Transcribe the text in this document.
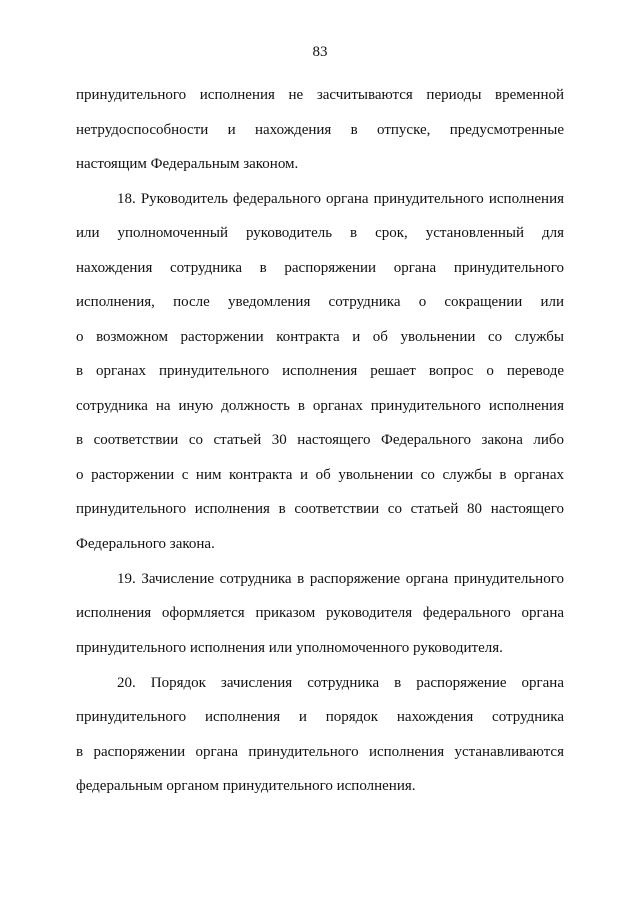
83
принудительного исполнения не засчитываются периоды временной
нетрудоспособности и нахождения в отпуске, предусмотренные
настоящим Федеральным законом.
18. Руководитель федерального органа принудительного исполнения
или уполномоченный руководитель в срок, установленный для
нахождения сотрудника в распоряжении органа принудительного
исполнения, после уведомления сотрудника о сокращении или
о возможном расторжении контракта и об увольнении со службы
в органах принудительного исполнения решает вопрос о переводе
сотрудника на иную должность в органах принудительного исполнения
в соответствии со статьей 30 настоящего Федерального закона либо
о расторжении с ним контракта и об увольнении со службы в органах
принудительного исполнения в соответствии со статьей 80 настоящего
Федерального закона.
19. Зачисление сотрудника в распоряжение органа принудительного
исполнения оформляется приказом руководителя федерального органа
принудительного исполнения или уполномоченного руководителя.
20. Порядок зачисления сотрудника в распоряжение органа
принудительного исполнения и порядок нахождения сотрудника
в распоряжении органа принудительного исполнения устанавливаются
федеральным органом принудительного исполнения.
